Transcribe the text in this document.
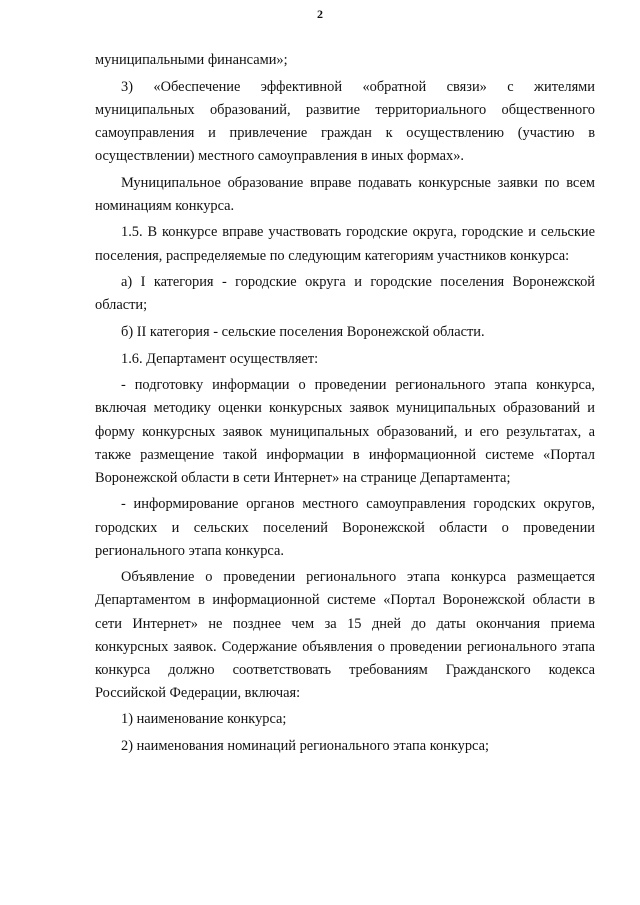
2

муниципальными финансами»;

3) «Обеспечение эффективной «обратной связи» с жителями муниципальных образований, развитие территориального общественного самоуправления и привлечение граждан к осуществлению (участию в осуществлении) местного самоуправления в иных формах».

Муниципальное образование вправе подавать конкурсные заявки по всем номинациям конкурса.

1.5. В конкурсе вправе участвовать городские округа, городские и сельские поселения, распределяемые по следующим категориям участников конкурса:

а) I категория - городские округа и городские поселения Воронежской области;

б) II категория - сельские поселения Воронежской области.

1.6. Департамент осуществляет:

- подготовку информации о проведении регионального этапа конкурса, включая методику оценки конкурсных заявок муниципальных образований и форму конкурсных заявок муниципальных образований, и его результатах, а также размещение такой информации в информационной системе «Портал Воронежской области в сети Интернет» на странице Департамента;

- информирование органов местного самоуправления городских округов, городских и сельских поселений Воронежской области о проведении регионального этапа конкурса.

Объявление о проведении регионального этапа конкурса размещается Департаментом в информационной системе «Портал Воронежской области в сети Интернет» не позднее чем за 15 дней до даты окончания приема конкурсных заявок. Содержание объявления о проведении регионального этапа конкурса должно соответствовать требованиям Гражданского кодекса Российской Федерации, включая:

1) наименование конкурса;

2) наименования номинаций регионального этапа конкурса;
